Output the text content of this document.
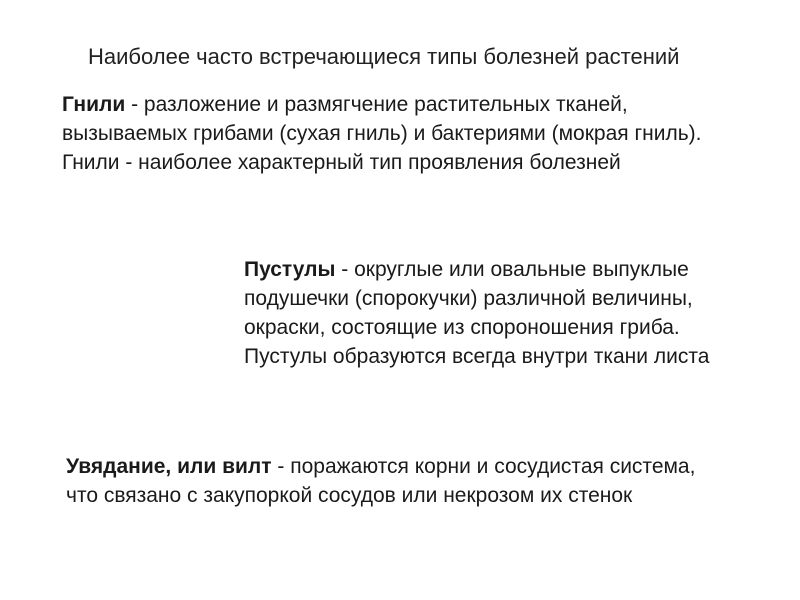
Наиболее часто встречающиеся типы болезней растений
Гнили - разложение и размягчение растительных тканей, вызываемых грибами (сухая гниль) и бактериями (мокрая гниль). Гнили - наиболее характерный тип проявления болезней
Пустулы - округлые или овальные выпуклые подушечки (спорокучки) различной величины, окраски, состоящие из спороношения гриба. Пустулы образуются всегда внутри ткани листа
Увядание, или вилт - поражаются корни и сосудистая система, что связано с закупоркой сосудов или некрозом их стенок
